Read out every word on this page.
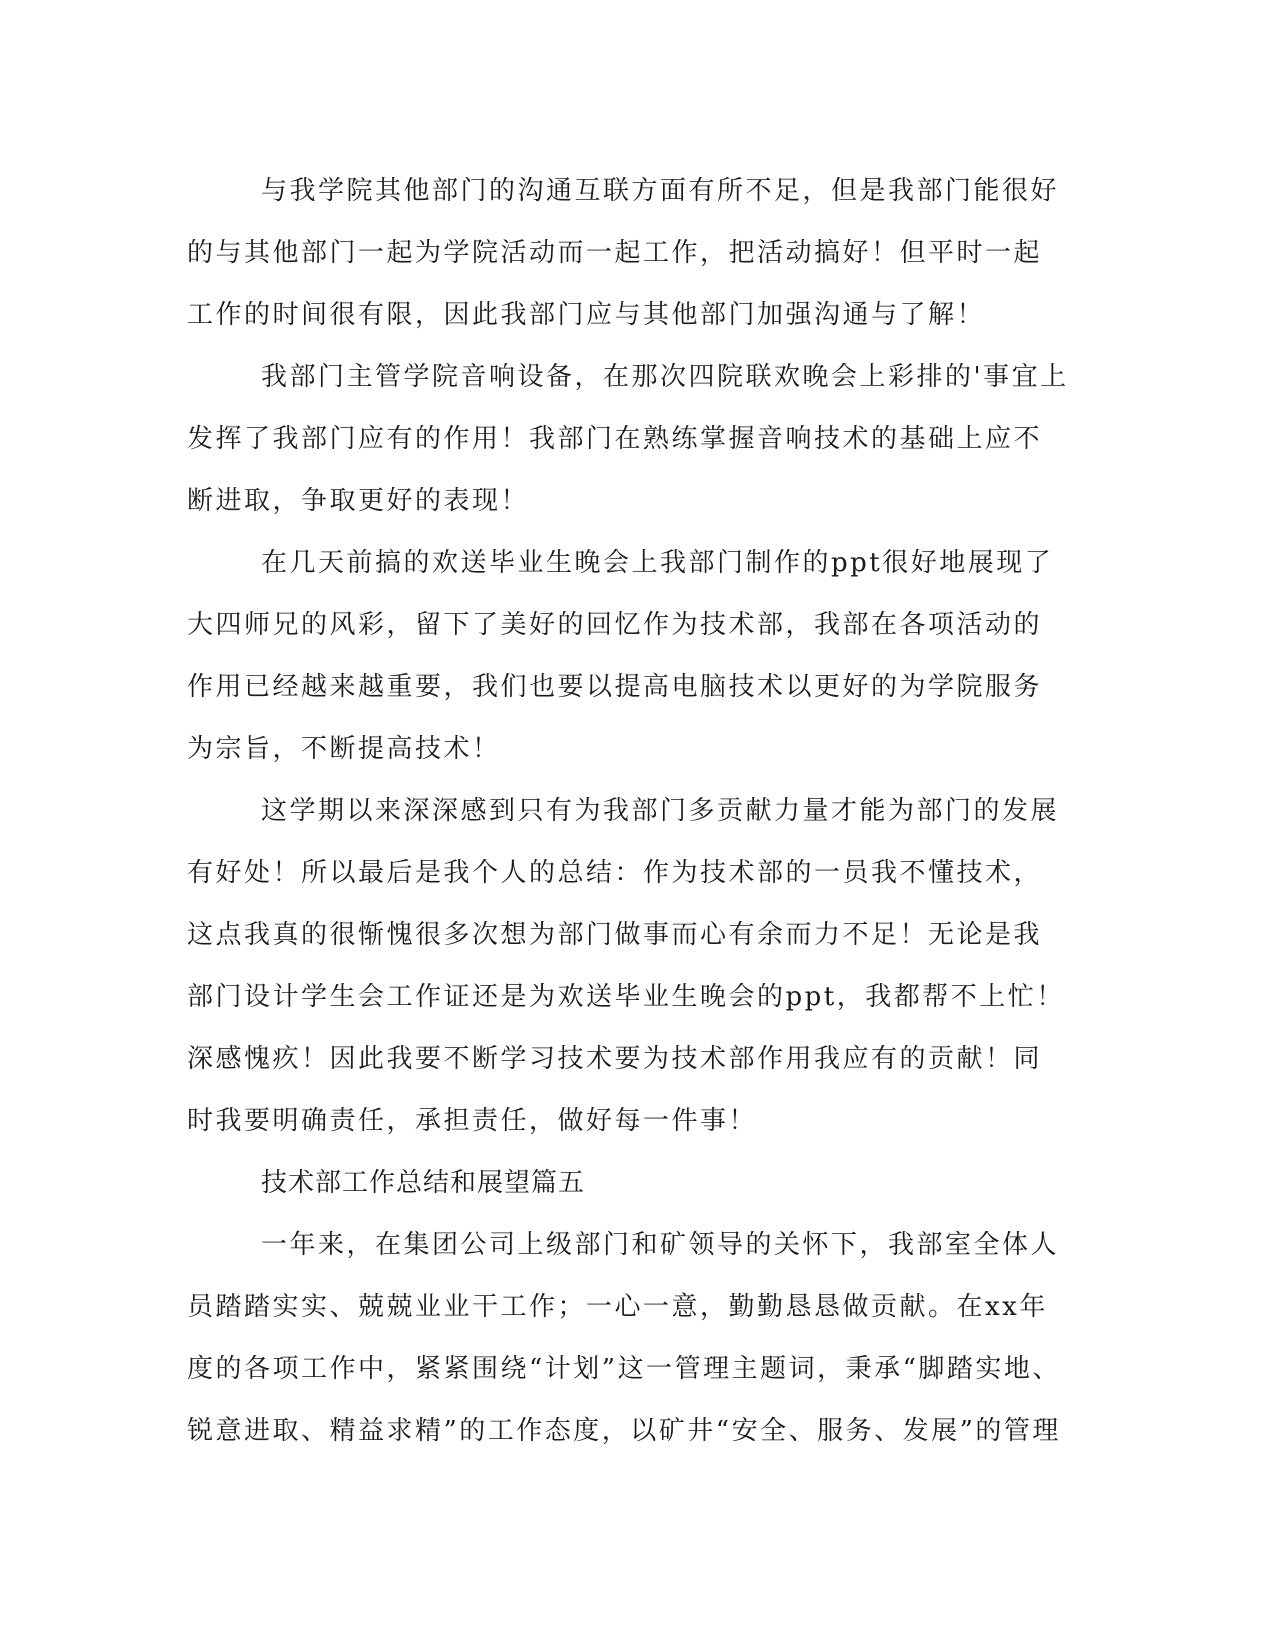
与我学院其他部门的沟通互联方面有所不足，但是我部门能很好
的与其他部门一起为学院活动而一起工作，把活动搞好！但平时一起
工作的时间很有限，因此我部门应与其他部门加强沟通与了解！
我部门主管学院音响设备，在那次四院联欢晚会上彩排的'事宜上
发挥了我部门应有的作用！我部门在熟练掌握音响技术的基础上应不
断进取，争取更好的表现！
在几天前搞的欢送毕业生晚会上我部门制作的ppt很好地展现了
大四师兄的风彩，留下了美好的回忆作为技术部，我部在各项活动的
作用已经越来越重要，我们也要以提高电脑技术以更好的为学院服务
为宗旨，不断提高技术！
这学期以来深深感到只有为我部门多贡献力量才能为部门的发展
有好处！所以最后是我个人的总结：作为技术部的一员我不懂技术，
这点我真的很惭愧很多次想为部门做事而心有余而力不足！无论是我
部门设计学生会工作证还是为欢送毕业生晚会的ppt，我都帮不上忙！
深感愧疚！因此我要不断学习技术要为技术部作用我应有的贡献！同
时我要明确责任，承担责任，做好每一件事！
技术部工作总结和展望篇五
一年来，在集团公司上级部门和矿领导的关怀下，我部室全体人
员踏踏实实、兢兢业业干工作；一心一意，勤勤恳恳做贡献。在xx年
度的各项工作中，紧紧围绕“计划”这一管理主题词，秉承“脚踏实地、
锐意进取、精益求精”的工作态度，以矿井“安全、服务、发展”的管理
